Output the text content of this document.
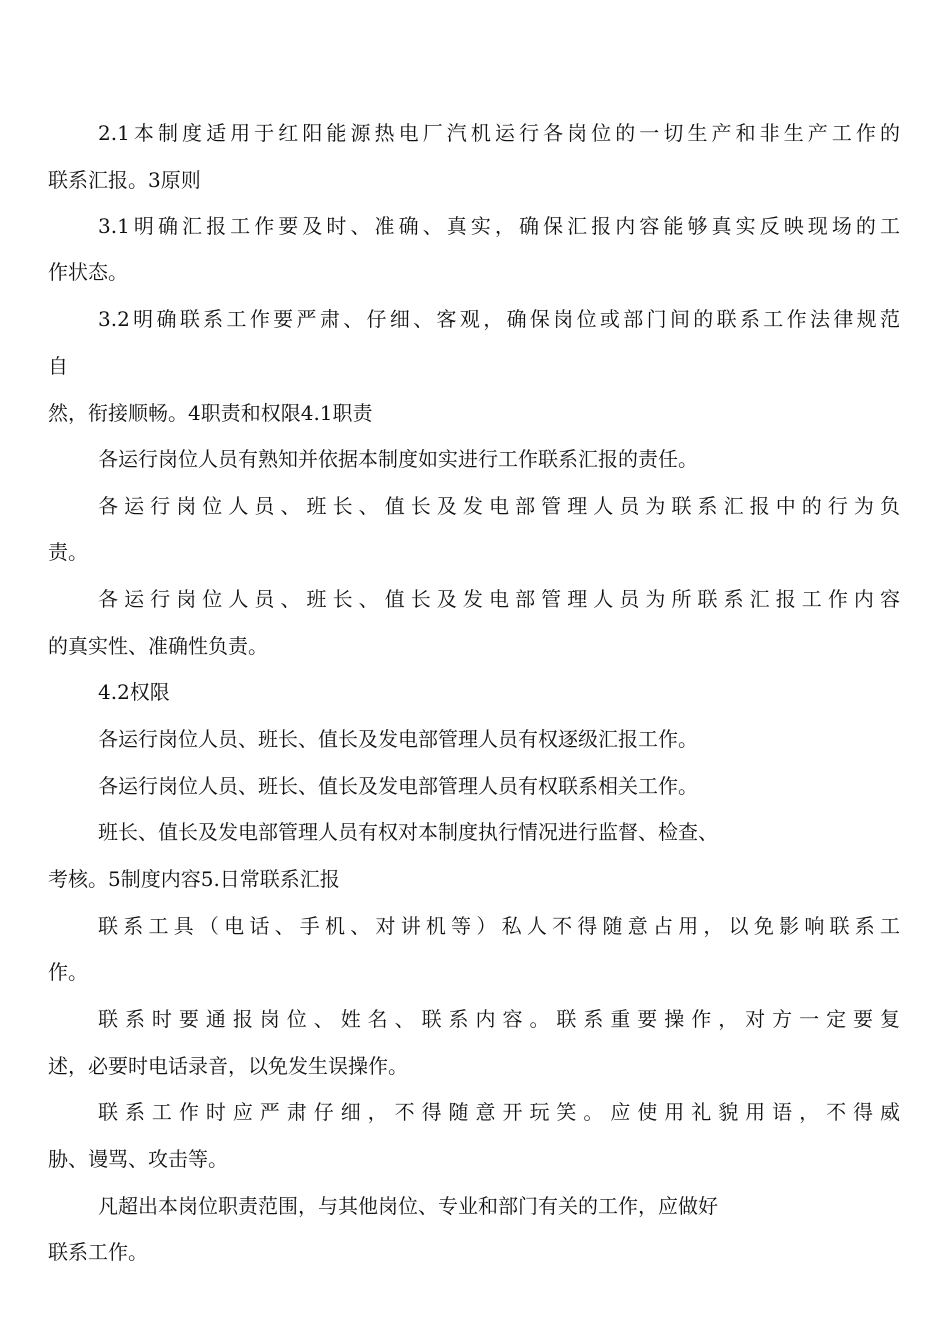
2.1本制度适用于红阳能源热电厂汽机运行各岗位的一切生产和非生产工作的
联系汇报。3原则
3.1明确汇报工作要及时、准确、真实，确保汇报内容能够真实反映现场的工
作状态。
3.2明确联系工作要严肃、仔细、客观，确保岗位或部门间的联系工作法律规范
自
然，衔接顺畅。4职责和权限4.1职责
各运行岗位人员有熟知并依据本制度如实进行工作联系汇报的责任。
各运行岗位人员、班长、值长及发电部管理人员为联系汇报中的行为负
责。
各运行岗位人员、班长、值长及发电部管理人员为所联系汇报工作内容
的真实性、准确性负责。
4.2权限
各运行岗位人员、班长、值长及发电部管理人员有权逐级汇报工作。
各运行岗位人员、班长、值长及发电部管理人员有权联系相关工作。
班长、值长及发电部管理人员有权对本制度执行情况进行监督、检查、
考核。5制度内容5.日常联系汇报
联系工具（电话、手机、对讲机等）私人不得随意占用，以免影响联系工
作。
联系时要通报岗位、姓名、联系内容。联系重要操作，对方一定要复
述，必要时电话录音，以免发生误操作。
联系工作时应严肃仔细，不得随意开玩笑。应使用礼貌用语，不得威
胁、谩骂、攻击等。
凡超出本岗位职责范围，与其他岗位、专业和部门有关的工作，应做好
联系工作。
